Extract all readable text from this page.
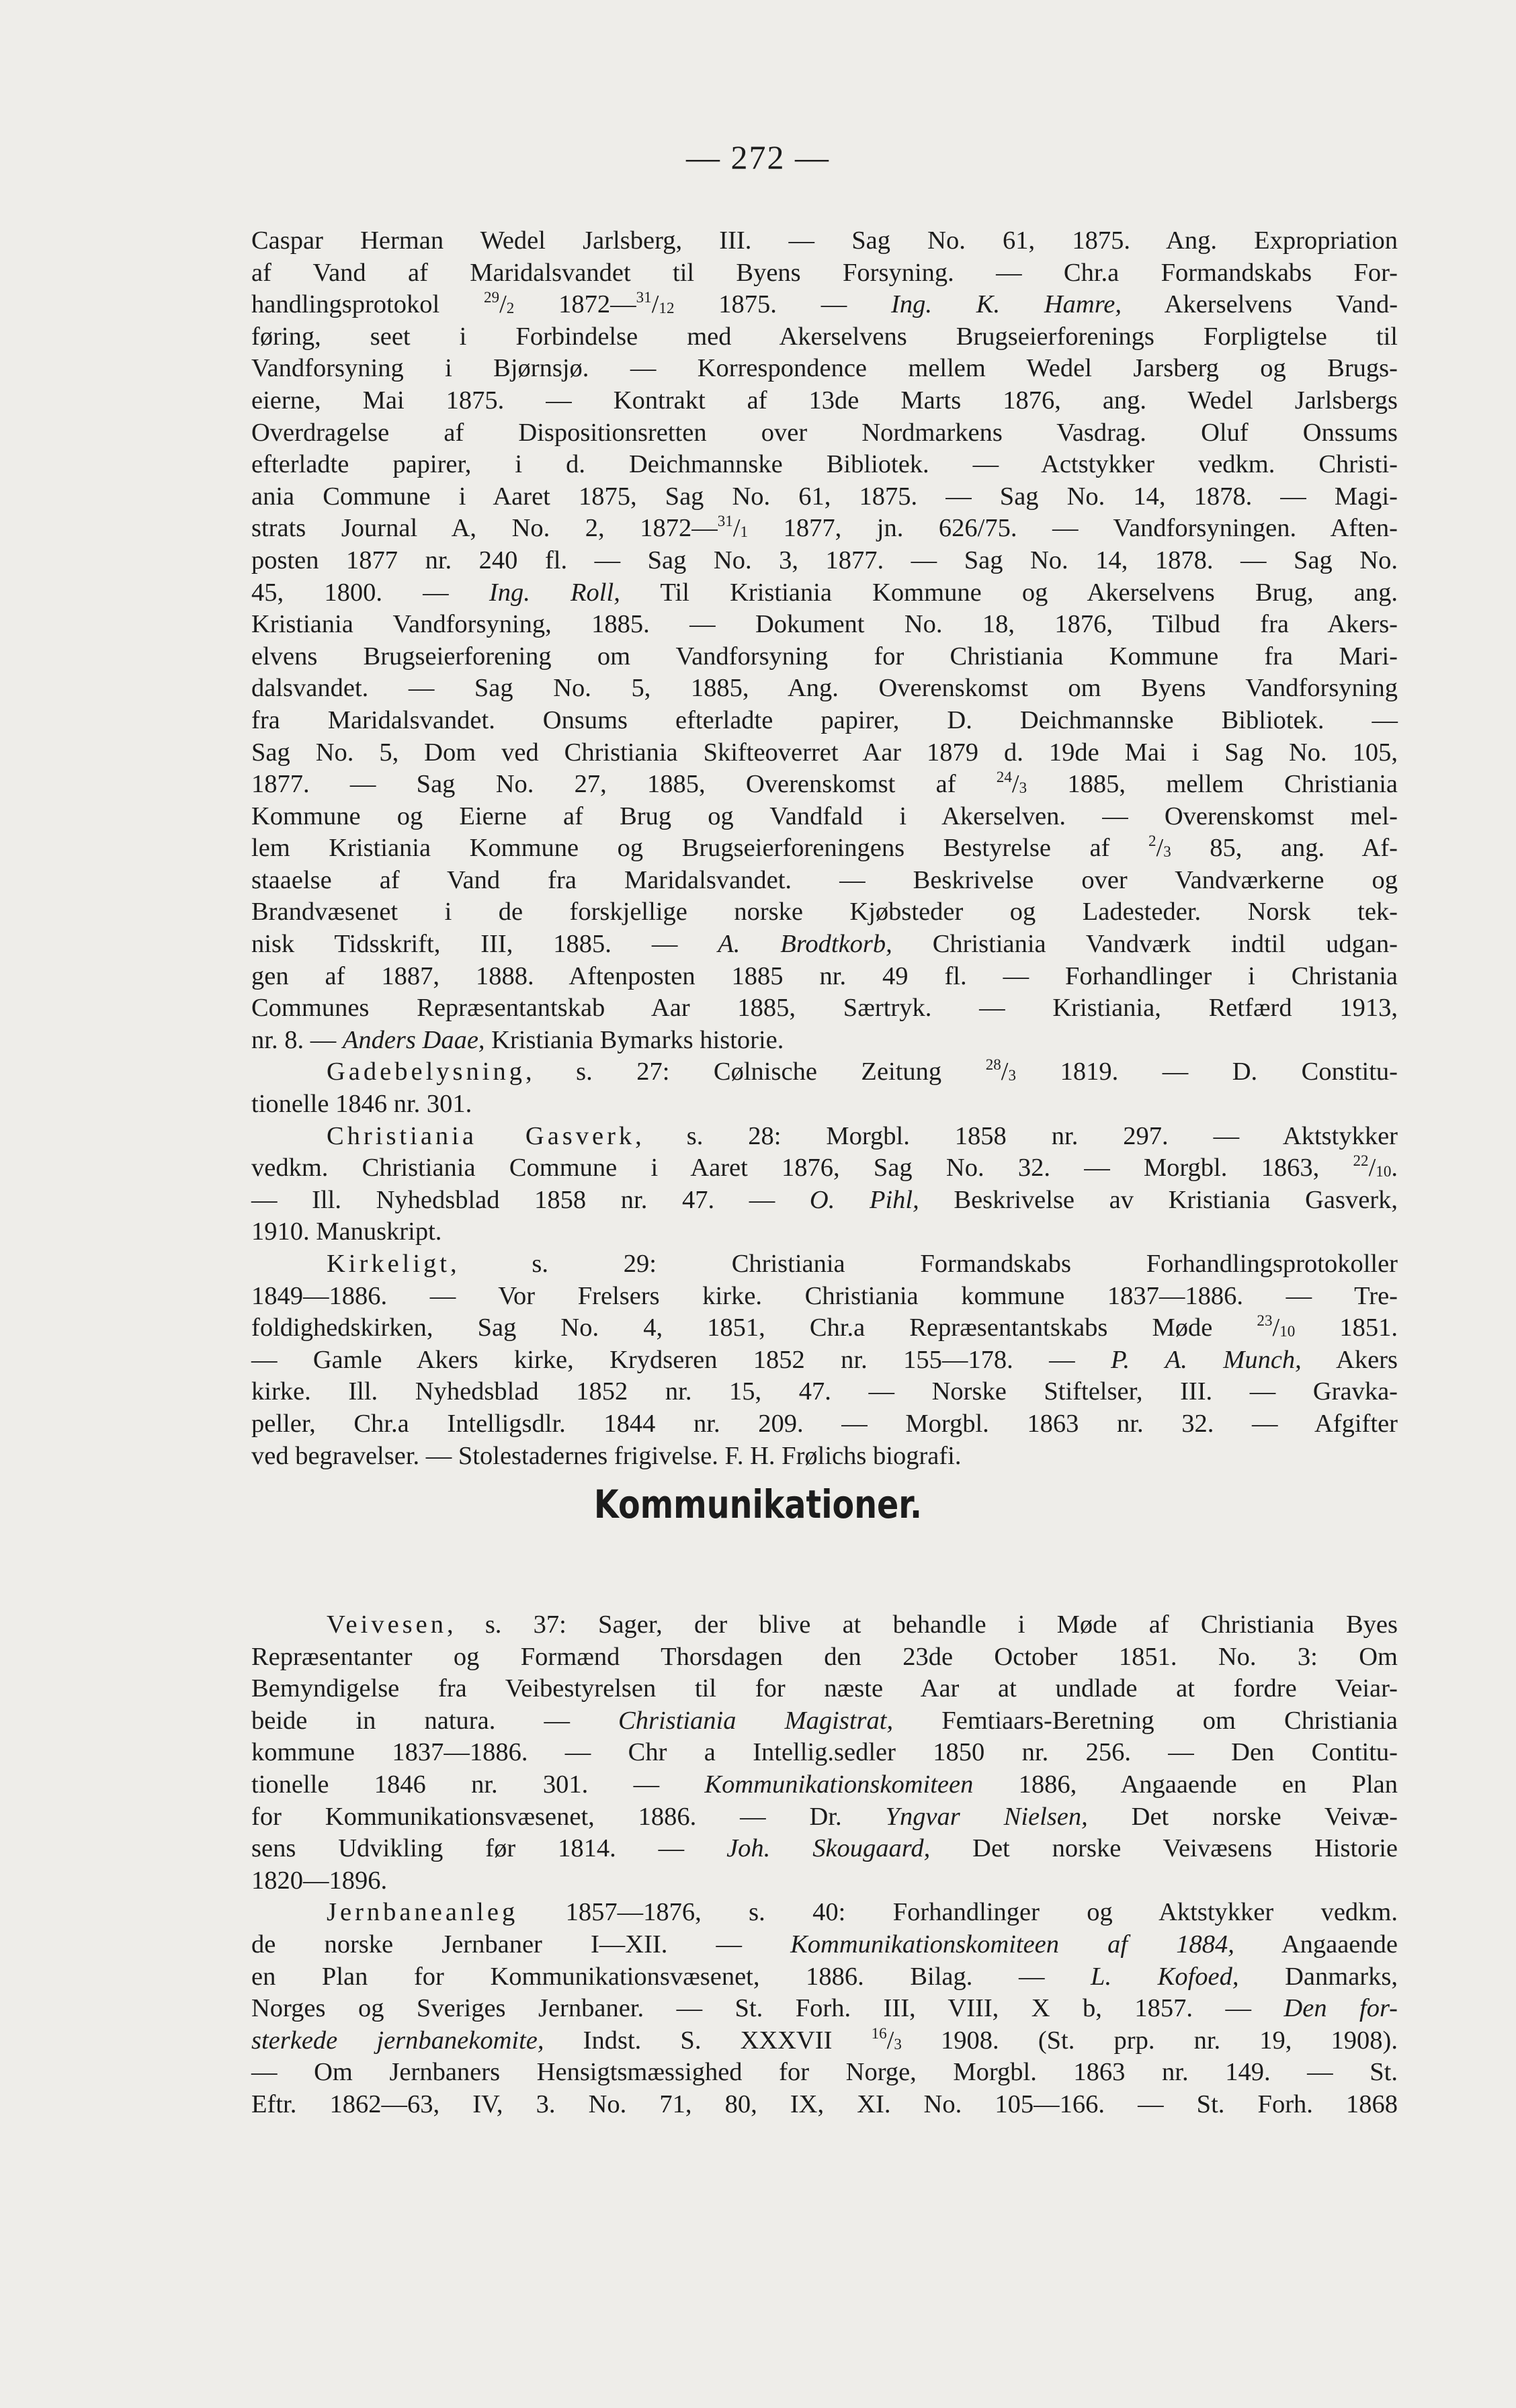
— 272 —
Caspar Herman Wedel Jarlsberg, III. — Sag No. 61, 1875. Ang. Expropriation
af Vand af Maridalsvandet til Byens Forsyning. — Chr.a Formandskabs For-
handlingsprotokol $^{29}/_2$ $1872—^{31}/_{12}$ 1875. — Ing. K. Hamre, Akerselvens Vand-
føring, seet i Forbindelse med Akerselvens Brugseierforenings Forpligtelse til
Vandforsyning i Bjørnsjø. — Korrespondence mellem Wedel Jarsberg og Brugs-
eierne, Mai 1875. — Kontrakt af 13de Marts 1876, ang. Wedel Jarlsbergs
Overdragelse af Dispositionsretten over Nordmarkens Vasdrag. Oluf Onssums
efterladte papirer, i d. Deichmannske Bibliotek. — Actstykker vedkm. Christi-
ania Commune i Aaret 1875, Sag No. 61, 1875. — Sag No. 14, 1878. — Magi-
strats Journal A, No. 2, $1872—^{31}/_1$ 1877, jn. 626/75. — Vandforsyningen. Aften-
posten 1877 nr. 240 fl. — Sag No. 3, 1877. — Sag No. 14, 1878. — Sag No.
45, 1800. — Ing. Roll, Til Kristiania Kommune og Akerselvens Brug, ang.
Kristiania Vandforsyning, 1885. — Dokument No. 18, 1876, Tilbud fra Akers-
elvens Brugseierforening om Vandforsyning for Christiania Kommune fra Mari-
dalsvandet. — Sag No. 5, 1885, Ang. Overenskomst om Byens Vandforsyning
fra Maridalsvandet. Onsums efterladte papirer, D. Deichmannske Bibliotek. —
Sag No. 5, Dom ved Christiania Skifteoverret Aar 1879 d. 19de Mai i Sag No. 105,
1877. — Sag No. 27, 1885, Overenskomst af $^{24}/_3$ 1885, mellem Christiania
Kommune og Eierne af Brug og Vandfald i Akerselven. — Overenskomst mel-
lem Kristiania Kommune og Brugseierforeningens Bestyrelse af $^2/_3$ 85, ang. Af-
staaelse af Vand fra Maridalsvandet. — Beskrivelse over Vandværkerne og
Brandvæsenet i de forskjellige norske Kjøbsteder og Ladesteder. Norsk tek-
nisk Tidsskrift, III, 1885. — A. Brodtkorb, Christiania Vandværk indtil udgan-
gen af 1887, 1888. Aftenposten 1885 nr. 49 fl. — Forhandlinger i Christania
Communes Repræsentantskab Aar 1885, Særtryk. — Kristiania, Retfærd 1913,
nr. 8. — Anders Daae, Kristiania Bymarks historie.
Gadebelysning, s. 27: Cølnische Zeitung $^{28}/_3$ 1819. — D. Constitu-
tionelle 1846 nr. 301.
Christiania Gasverk, s. 28: Morgbl. 1858 nr. 297. — Aktstykker
vedkm. Christiania Commune i Aaret 1876, Sag No. 32. — Morgbl. 1863, $^{22}/_{10}$.
— Ill. Nyhedsblad 1858 nr. 47. — O. Pihl, Beskrivelse av Kristiania Gasverk,
1910. Manuskript.
Kirkeligt, s. 29: Christiania Formandskabs Forhandlingsprotokoller
1849—1886. — Vor Frelsers kirke. Christiania kommune 1837—1886. — Tre-
foldighedskirken, Sag No. 4, 1851, Chr.a Repræsentantskabs Møde $^{23}/_{10}$ 1851.
— Gamle Akers kirke, Krydseren 1852 nr. 155—178. — P. A. Munch, Akers
kirke. Ill. Nyhedsblad 1852 nr. 15, 47. — Norske Stiftelser, III. — Gravka-
peller, Chr.a Intelligsdlr. 1844 nr. 209. — Morgbl. 1863 nr. 32. — Afgifter
ved begravelser. — Stolestadernes frigivelse. F. H. Frølichs biografi.
Kommunikationer.
Veivesen, s. 37: Sager, der blive at behandle i Møde af Christiania Byes
Repræsentanter og Formænd Thorsdagen den 23de October 1851. No. 3: Om
Bemyndigelse fra Veibestyrelsen til for næste Aar at undlade at fordre Veiar-
beide in natura. — Christiania Magistrat, Femtiaars-Beretning om Christiania
kommune 1837—1886. — Chr a Intellig.sedler 1850 nr. 256. — Den Contitu-
tionelle 1846 nr. 301. — Kommunikationskomiteen 1886, Angaaende en Plan
for Kommunikationsvæsenet, 1886. — Dr. Yngvar Nielsen, Det norske Veivæ-
sens Udvikling før 1814. — Joh. Skougaard, Det norske Veivæsens Historie
1820—1896.
Jernbaneanleg 1857—1876, s. 40: Forhandlinger og Aktstykker vedkm.
de norske Jernbaner I—XII. — Kommunikationskomiteen af 1884, Angaaende
en Plan for Kommunikationsvæsenet, 1886. Bilag. — L. Kofoed, Danmarks,
Norges og Sveriges Jernbaner. — St. Forh. III, VIII, X b, 1857. — Den for-
sterkede jernbanekomite, Indst. S. XXXVII $^{16}/_3$ 1908. (St. prp. nr. 19, 1908).
— Om Jernbaners Hensigtsmæssighed for Norge, Morgbl. 1863 nr. 149. — St.
Eftr. 1862—63, IV, 3. No. 71, 80, IX, XI. No. 105—166. — St. Forh. 1868
